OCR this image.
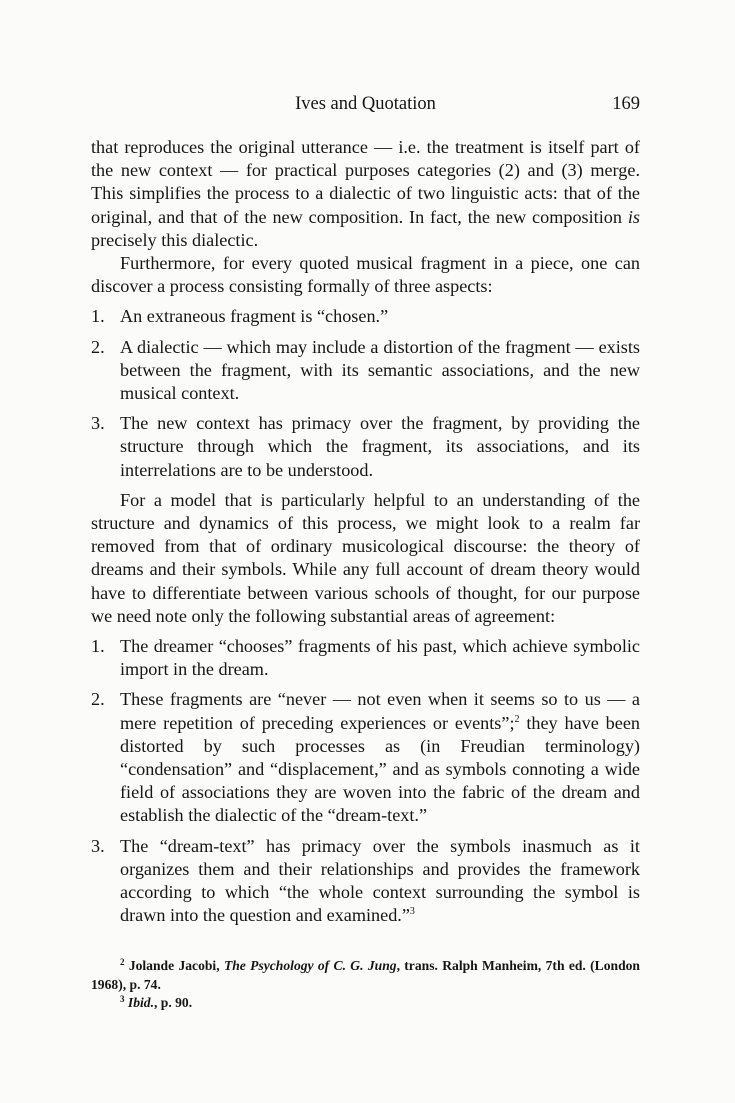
Ives and Quotation	169

that reproduces the original utterance — i.e. the treatment is itself part of the new context — for practical purposes categories (2) and (3) merge. This simplifies the process to a dialectic of two linguistic acts: that of the original, and that of the new composition. In fact, the new composition is precisely this dialectic.

Furthermore, for every quoted musical fragment in a piece, one can discover a process consisting formally of three aspects:

1. An extraneous fragment is “chosen.”
2. A dialectic — which may include a distortion of the fragment — exists between the fragment, with its semantic associations, and the new musical context.
3. The new context has primacy over the fragment, by providing the structure through which the fragment, its associations, and its interrelations are to be understood.

For a model that is particularly helpful to an understanding of the structure and dynamics of this process, we might look to a realm far removed from that of ordinary musicological discourse: the theory of dreams and their symbols. While any full account of dream theory would have to differentiate between various schools of thought, for our purpose we need note only the following substantial areas of agreement:

1. The dreamer “chooses” fragments of his past, which achieve symbolic import in the dream.
2. These fragments are “never — not even when it seems so to us — a mere repetition of preceding experiences or events”;$^2$ they have been distorted by such processes as (in Freudian terminology) “condensation” and “displacement,” and as symbols connoting a wide field of associations they are woven into the fabric of the dream and establish the dialectic of the “dream-text.”
3. The “dream-text” has primacy over the symbols inasmuch as it organizes them and their relationships and provides the framework according to which “the whole context surrounding the symbol is drawn into the question and examined.”$^3$

$^2$ Jolande Jacobi, The Psychology of C. G. Jung, trans. Ralph Manheim, 7th ed. (London 1968), p. 74.

$^3$ Ibid., p. 90.
